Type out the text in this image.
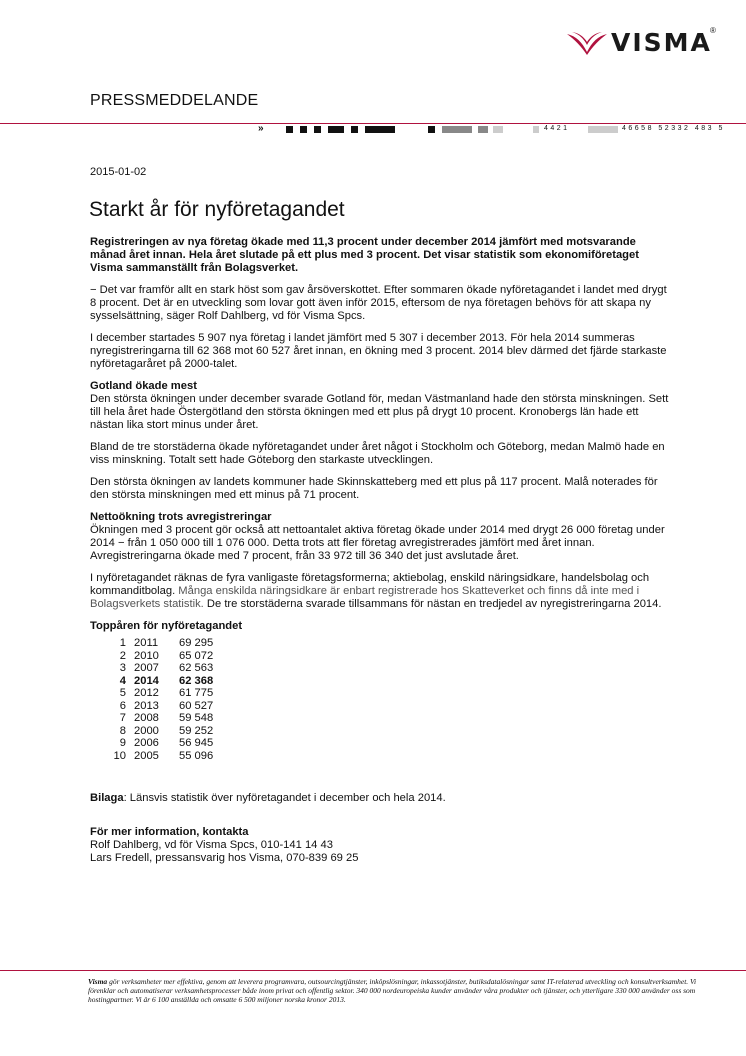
VISMA
®
PRESSMEDDELANDE
»	4421	46658 52332 483 5
2015-01-02
Starkt år för nyföretagandet

Registreringen av nya företag ökade med 11,3 procent under december 2014 jämfört med motsvarande månad året innan. Hela året slutade på ett plus med 3 procent. Det visar statistik som ekonomiföretaget Visma sammanställt från Bolagsverket.

− Det var framför allt en stark höst som gav årsöverskottet. Efter sommaren ökade nyföretagandet i landet med drygt 8 procent. Det är en utveckling som lovar gott även inför 2015, eftersom de nya företagen behövs för att skapa ny sysselsättning, säger Rolf Dahlberg, vd för Visma Spcs.

I december startades 5 907 nya företag i landet jämfört med 5 307 i december 2013. För hela 2014 summeras nyregistreringarna till 62 368 mot 60 527 året innan, en ökning med 3 procent. 2014 blev därmed det fjärde starkaste nyföretagaråret på 2000-talet.

Gotland ökade mest

Den största ökningen under december svarade Gotland för, medan Västmanland hade den största minskningen. Sett till hela året hade Östergötland den största ökningen med ett plus på drygt 10 procent. Kronobergs län hade ett nästan lika stort minus under året.

Bland de tre storstäderna ökade nyföretagandet under året något i Stockholm och Göteborg, medan Malmö hade en viss minskning. Totalt sett hade Göteborg den starkaste utvecklingen.

Den största ökningen av landets kommuner hade Skinnskatteberg med ett plus på 117 procent. Malå noterades för den största minskningen med ett minus på 71 procent.

Nettoökning trots avregistreringar

Ökningen med 3 procent gör också att nettoantalet aktiva företag ökade under 2014 med drygt 26 000 företag under 2014 − från 1 050 000 till 1 076 000. Detta trots att fler företag avregistrerades jämfört med året innan. Avregistreringarna ökade med 7 procent, från 33 972 till 36 340 det just avslutade året.

I nyföretagandet räknas de fyra vanligaste företagsformerna; aktiebolag, enskild näringsidkare, handelsbolag och kommanditbolag. Många enskilda näringsidkare är enbart registrerade hos Skatteverket och finns då inte med i Bolagsverkets statistik. De tre storstäderna svarade tillsammans för nästan en tredjedel av nyregistreringarna 2014.

Toppåren för nyföretagandet
1	2011	69 295
2	2010	65 072
3	2007	62 563
4	2014	62 368
5	2012	61 775
6	2013	60 527
7	2008	59 548
8	2000	59 252
9	2006	56 945
10	2005	55 096

Bilaga: Länsvis statistik över nyföretagandet i december och hela 2014.

För mer information, kontakta
Rolf Dahlberg, vd för Visma Spcs, 010-141 14 43
Lars Fredell, pressansvarig hos Visma, 070-839 69 25
Visma gör verksamheter mer effektiva, genom att leverera programvara, outsourcingtjänster, inköpslösningar, inkassotjänster, butiksdatalösningar samt IT-relaterad utveckling och konsultverksamhet. Vi förenklar och automatiserar verksamhetsprocesser både inom privat och offentlig sektor. 340 000 nordeuropeiska kunder använder våra produkter och tjänster, och ytterligare 330 000 använder oss som hostingpartner. Vi är 6 100 anställda och omsatte 6 500 miljoner norska kronor 2013.
